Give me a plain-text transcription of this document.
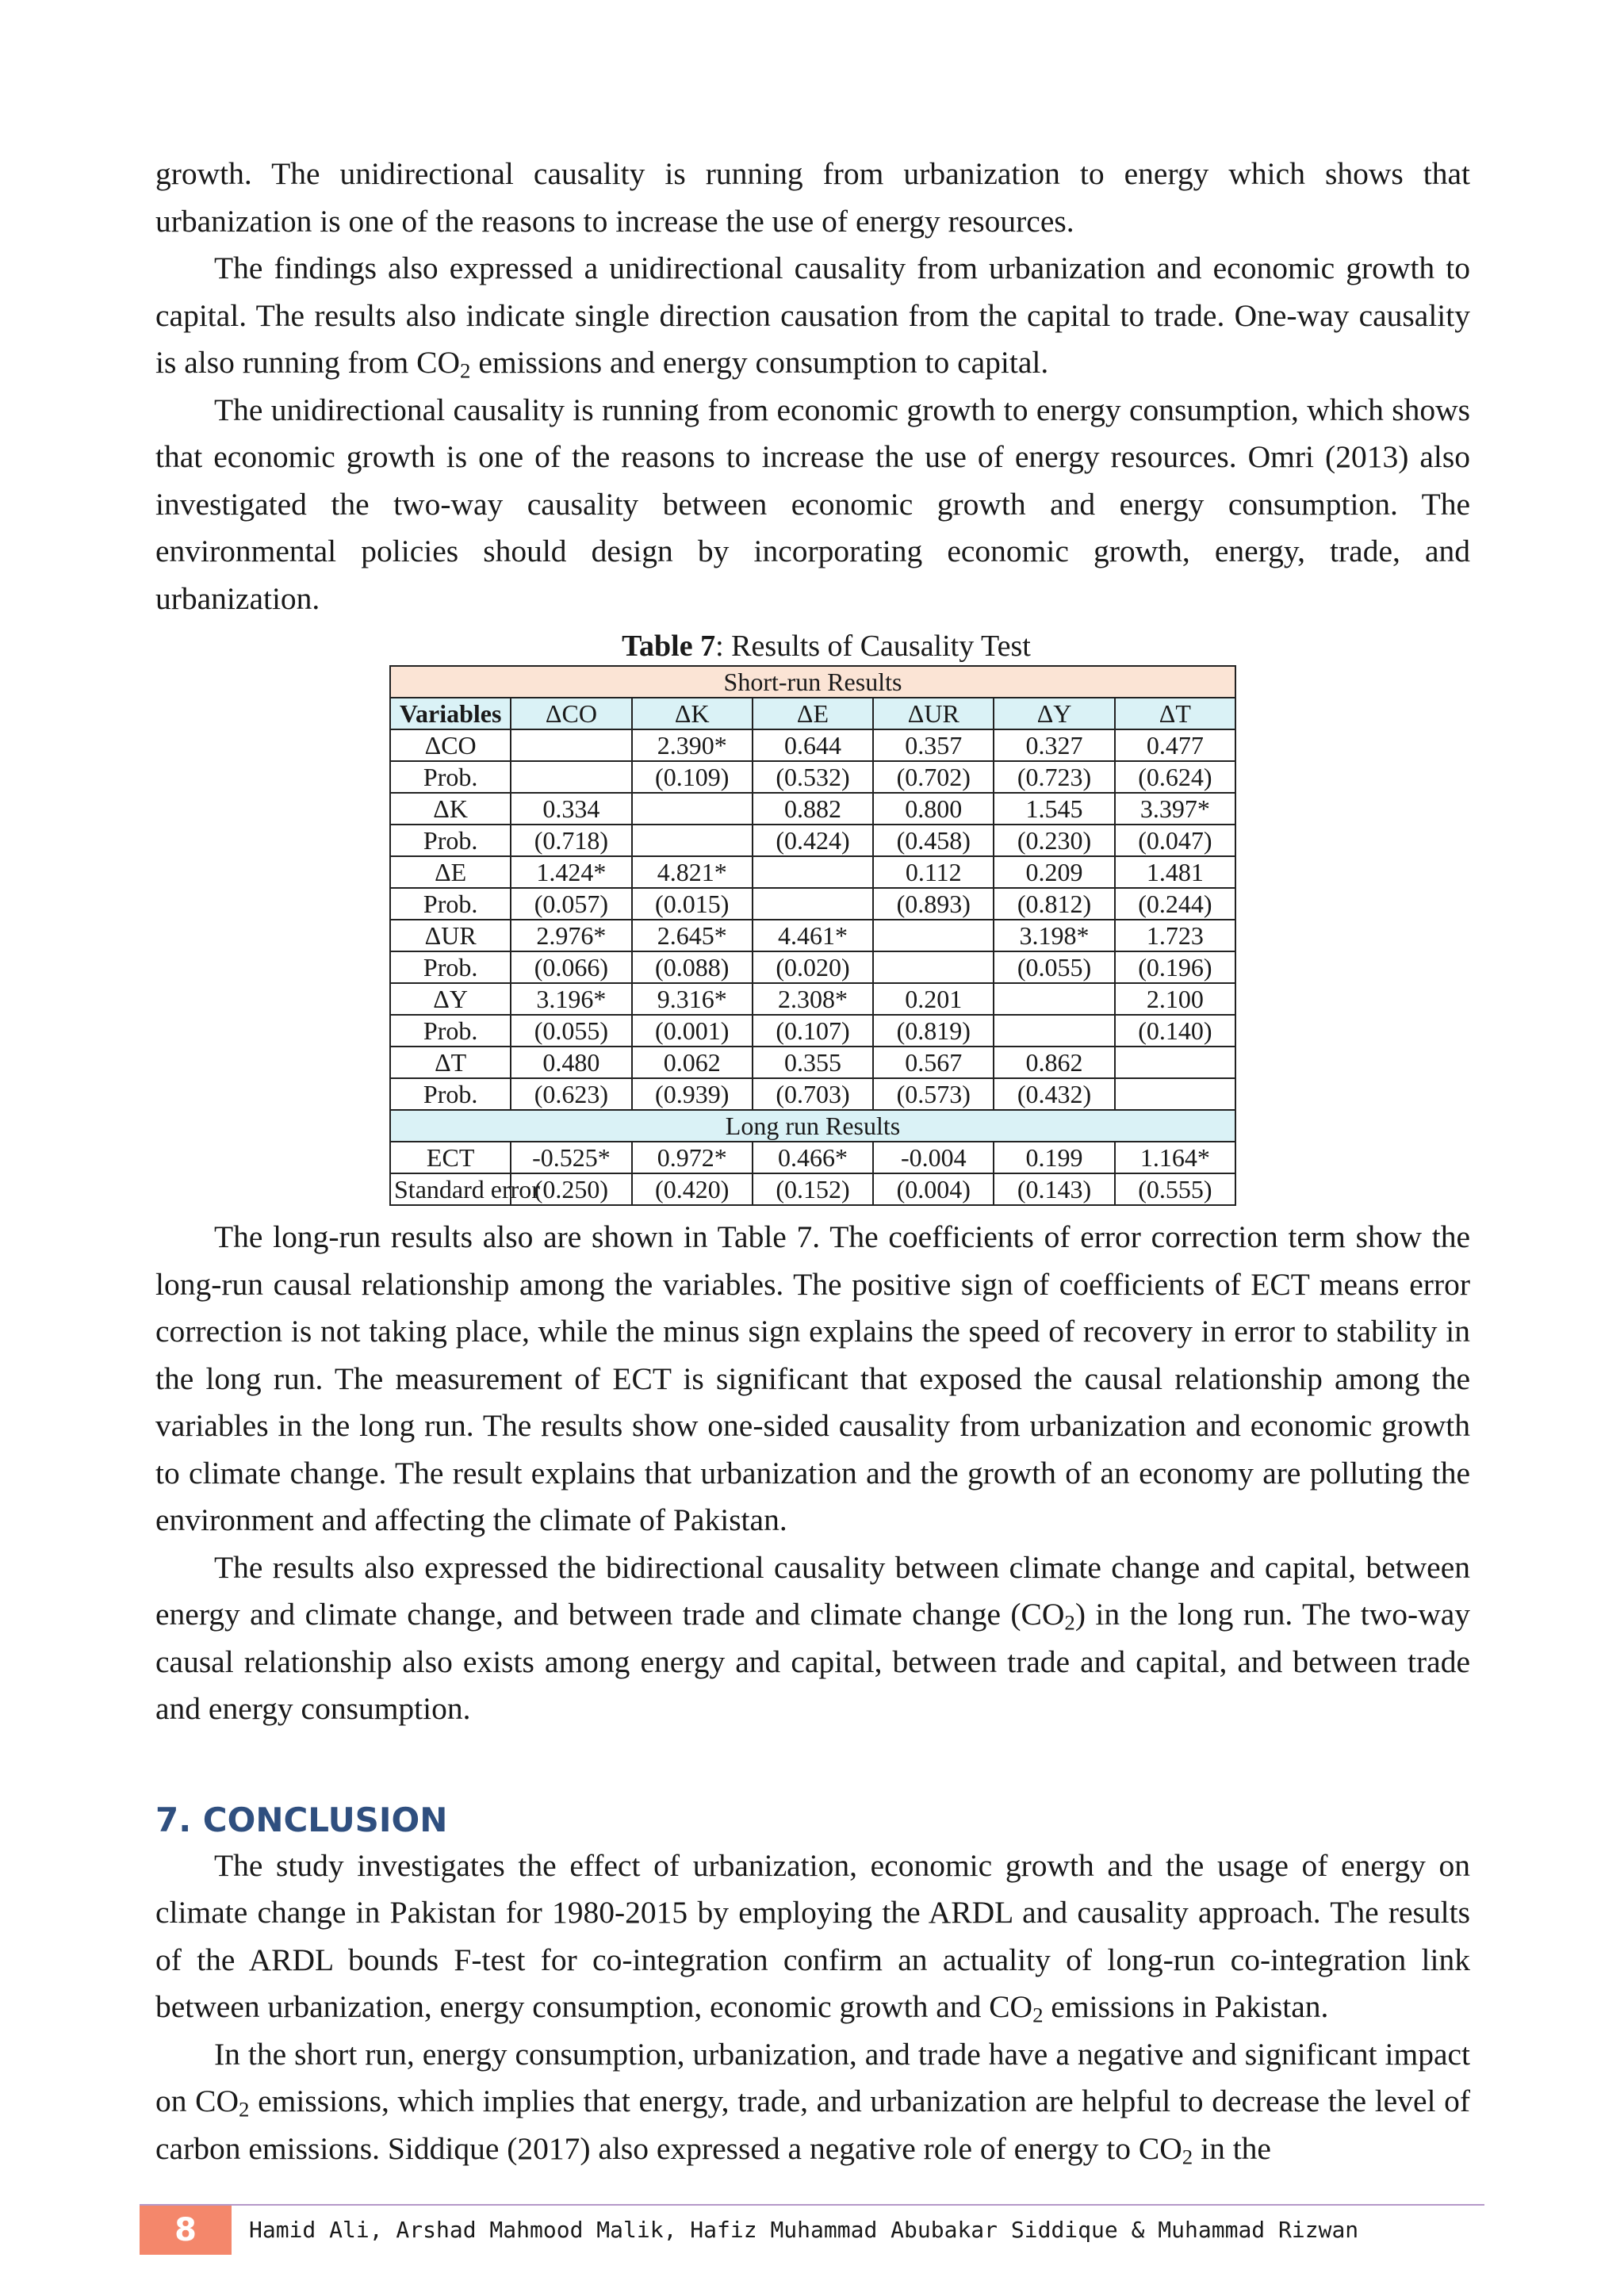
growth. The unidirectional causality is running from urbanization to energy which shows that urbanization is one of the reasons to increase the use of energy resources.

The findings also expressed a unidirectional causality from urbanization and economic growth to capital. The results also indicate single direction causation from the capital to trade. One-way causality is also running from $CO_2$ emissions and energy consumption to capital.

The unidirectional causality is running from economic growth to energy consumption, which shows that economic growth is one of the reasons to increase the use of energy resources. Omri (2013) also investigated the two-way causality between economic growth and energy consumption. The environmental policies should design by incorporating economic growth, energy, trade, and urbanization.

Table 7: Results of Causality Test
Short-run Results						
Variables	ΔCO	ΔK	ΔE	ΔUR	ΔY	ΔT
ΔCO		2.390*	0.644	0.357	0.327	0.477
Prob.		(0.109)	(0.532)	(0.702)	(0.723)	(0.624)
ΔK	0.334		0.882	0.800	1.545	3.397*
Prob.	(0.718)		(0.424)	(0.458)	(0.230)	(0.047)
ΔE	1.424*	4.821*		0.112	0.209	1.481
Prob.	(0.057)	(0.015)		(0.893)	(0.812)	(0.244)
ΔUR	2.976*	2.645*	4.461*		3.198*	1.723
Prob.	(0.066)	(0.088)	(0.020)		(0.055)	(0.196)
ΔY	3.196*	9.316*	2.308*	0.201		2.100
Prob.	(0.055)	(0.001)	(0.107)	(0.819)		(0.140)
ΔT	0.480	0.062	0.355	0.567	0.862	
Prob.	(0.623)	(0.939)	(0.703)	(0.573)	(0.432)	
Long run Results						
ECT	-0.525*	0.972*	0.466*	-0.004	0.199	1.164*
Standard error	(0.250)	(0.420)	(0.152)	(0.004)	(0.143)	(0.555)

The long-run results also are shown in Table 7. The coefficients of error correction term show the long-run causal relationship among the variables. The positive sign of coefficients of ECT means error correction is not taking place, while the minus sign explains the speed of recovery in error to stability in the long run. The measurement of ECT is significant that exposed the causal relationship among the variables in the long run. The results show one-sided causality from urbanization and economic growth to climate change. The result explains that urbanization and the growth of an economy are polluting the environment and affecting the climate of Pakistan.

The results also expressed the bidirectional causality between climate change and capital, between energy and climate change, and between trade and climate change $(CO_2)$ in the long run. The two-way causal relationship also exists among energy and capital, between trade and capital, and between trade and energy consumption.

7. CONCLUSION

The study investigates the effect of urbanization, economic growth and the usage of energy on climate change in Pakistan for 1980-2015 by employing the ARDL and causality approach. The results of the ARDL bounds F-test for co-integration confirm an actuality of long-run co-integration link between urbanization, energy consumption, economic growth and $CO_2$ emissions in Pakistan.

In the short run, energy consumption, urbanization, and trade have a negative and significant impact on $CO_2$ emissions, which implies that energy, trade, and urbanization are helpful to decrease the level of carbon emissions. Siddique (2017) also expressed a negative role of energy to $CO_2$ in the

8	Hamid Ali, Arshad Mahmood Malik, Hafiz Muhammad Abubakar Siddique & Muhammad Rizwan
